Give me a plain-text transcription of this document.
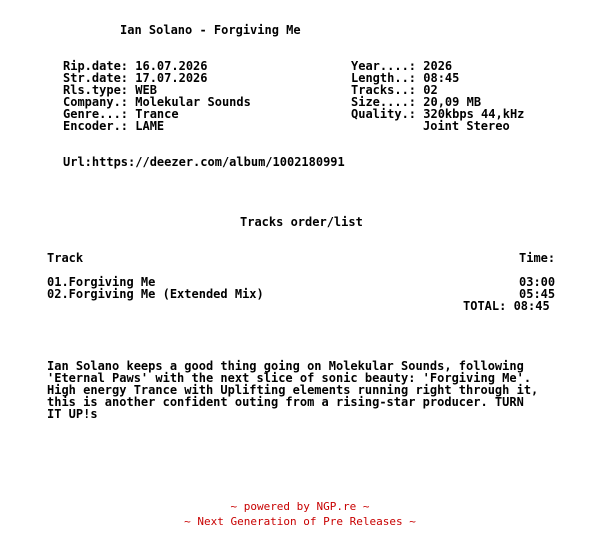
Ian Solano - Forgiving Me
Rip.date: 16.07.2026
Str.date: 17.07.2026
Rls.type: WEB
Company.: Molekular Sounds
Genre...: Trance
Encoder.: LAME
Year....: 2026
Length..: 08:45
Tracks..: 02
Size....: 20,09 MB
Quality.: 320kbps 44,kHz
Joint Stereo
Url:https://deezer.com/album/1002180991
Tracks order/list
Track	Time:
01.Forgiving Me	03:00
02.Forgiving Me (Extended Mix)	05:45
TOTAL: 08:45
Ian Solano keeps a good thing going on Molekular Sounds, following
'Eternal Paws' with the next slice of sonic beauty: 'Forgiving Me'.
High energy Trance with Uplifting elements running right through it,
this is another confident outing from a rising-star producer. TURN
IT UP!s
~ powered by NGP.re ~
~ Next Generation of Pre Releases ~
